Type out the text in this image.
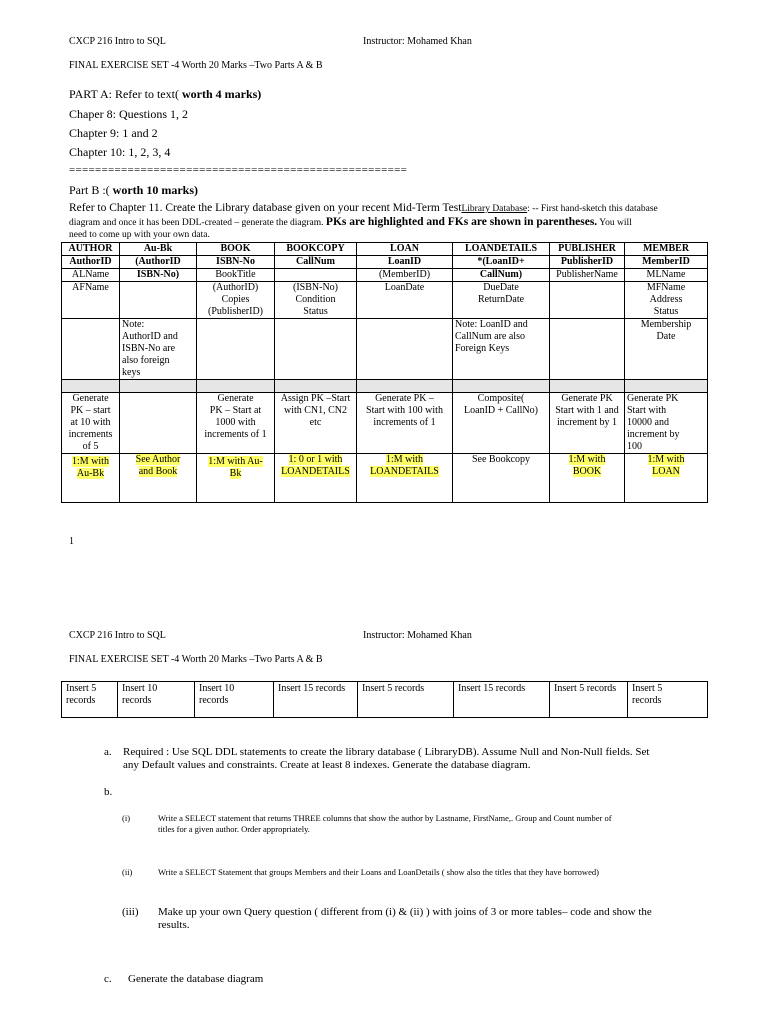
CXCP 216 Intro to SQL	Instructor: Mohamed Khan
FINAL EXERCISE SET -4 Worth 20 Marks –Two Parts A & B
PART A: Refer to text( worth 4 marks)
Chaper 8: Questions 1, 2
Chapter 9: 1 and 2
Chapter 10: 1, 2, 3, 4
====================================================
Part B :( worth 10 marks)
Refer to Chapter 11. Create the Library database given on your recent Mid-Term TestLibrary Database: -- First hand-sketch this database
diagram and once it has been DDL-created – generate the diagram. PKs are highlighted and FKs are shown in parentheses. You will
need to come up with your own data.
AUTHOR	Au-Bk	BOOK	BOOKCOPY	LOAN	LOANDETAILS	PUBLISHER	MEMBER
AuthorID	(AuthorID	ISBN-No	CallNum	LoanID	*(LoanID+	PublisherID	MemberID
ALName	ISBN-No)	BookTitle		(MemberID)	CallNum)	PublisherName	MLName
AFName		(AuthorID)	(ISBN-No)	LoanDate	DueDate		MFName
		Copies	Condition		ReturnDate		Address
		(PublisherID)	Status				Status
	Note:
AuthorID and
ISBN-No are
also foreign
keys				Note: LoanID and
CallNum are also
Foreign Keys		Membership
Date

Generate
PK – start
at 10 with
increments
of 5		Generate
PK – Start at
1000 with
increments of 1	Assign PK –Start
with CN1, CN2
etc	Generate PK –
Start with 100 with
increments of 1	Composite(
LoanID + CallNo)	Generate PK
Start with 1 and
increment by 1	Generate PK
Start with
10000 and
increment by
100
1:M with
Au-Bk	See Author
and Book	1:M with Au-
Bk	1: 0 or 1 with
LOANDETAILS	1:M with
LOANDETAILS	See Bookcopy	1:M with
BOOK	1:M with
LOAN
1
CXCP 216 Intro to SQL	Instructor: Mohamed Khan
FINAL EXERCISE SET -4 Worth 20 Marks –Two Parts A & B
Insert 5
records	Insert 10
records	Insert 10
records	Insert 15 records	Insert 5 records	Insert 15 records	Insert 5 records	Insert 5
records
a. Required : Use SQL DDL statements to create the library database ( LibraryDB). Assume Null and Non-Null fields. Set
any Default values and constraints. Create at least 8 indexes. Generate the database diagram.
b.
(i)	Write a SELECT statement that returns THREE columns that show the author by Lastname, FirstName,. Group and Count number of
titles for a given author. Order appropriately.
(ii)	Write a SELECT Statement that groups Members and their Loans and LoanDetails ( show also the titles that they have borrowed)
(iii) Make up your own Query question ( different from (i) & (ii) ) with joins of 3 or more tables– code and show the
results.
c. Generate the database diagram
